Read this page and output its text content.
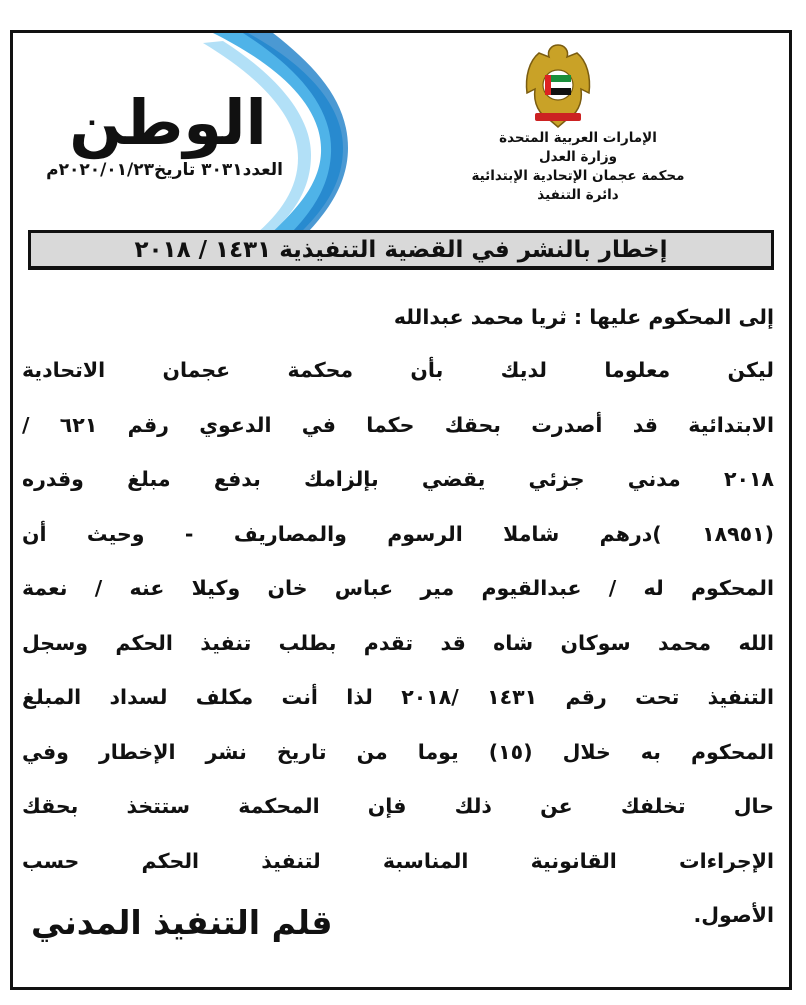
الوطن
العدد٣٠٣١ تاريخ٢٠٢٠/٠١/٢٣م
الإمارات العربية المتحدة
وزارة العدل
محكمة عجمان الإتحادية الإبتدائية
دائرة التنفيذ
إخطار بالنشر في القضية التنفيذية ١٤٣١ / ٢٠١٨
إلى المحكوم عليها : ثريا محمد عبدالله
ليكن معلوما لديك بأن محكمة عجمان الاتحادية
الابتدائية قد أصدرت بحقك حكما في الدعوي رقم ٦٢١ /
٢٠١٨ مدني جزئي يقضي بإلزامك بدفع مبلغ وقدره
(١٨٩٥١ )درهم شاملا الرسوم والمصاريف - وحيث أن
المحكوم له / عبدالقيوم مير عباس خان وكيلا عنه / نعمة
الله محمد سوكان شاه قد تقدم بطلب تنفيذ الحكم وسجل
التنفيذ تحت رقم ١٤٣١ /٢٠١٨ لذا أنت مكلف لسداد المبلغ
المحكوم به خلال (١٥) يوما من تاريخ نشر الإخطار وفي
حال تخلفك عن ذلك فإن المحكمة ستتخذ بحقك
الإجراءات القانونية المناسبة لتنفيذ الحكم حسب
الأصول.
قلم التنفيذ المدني
